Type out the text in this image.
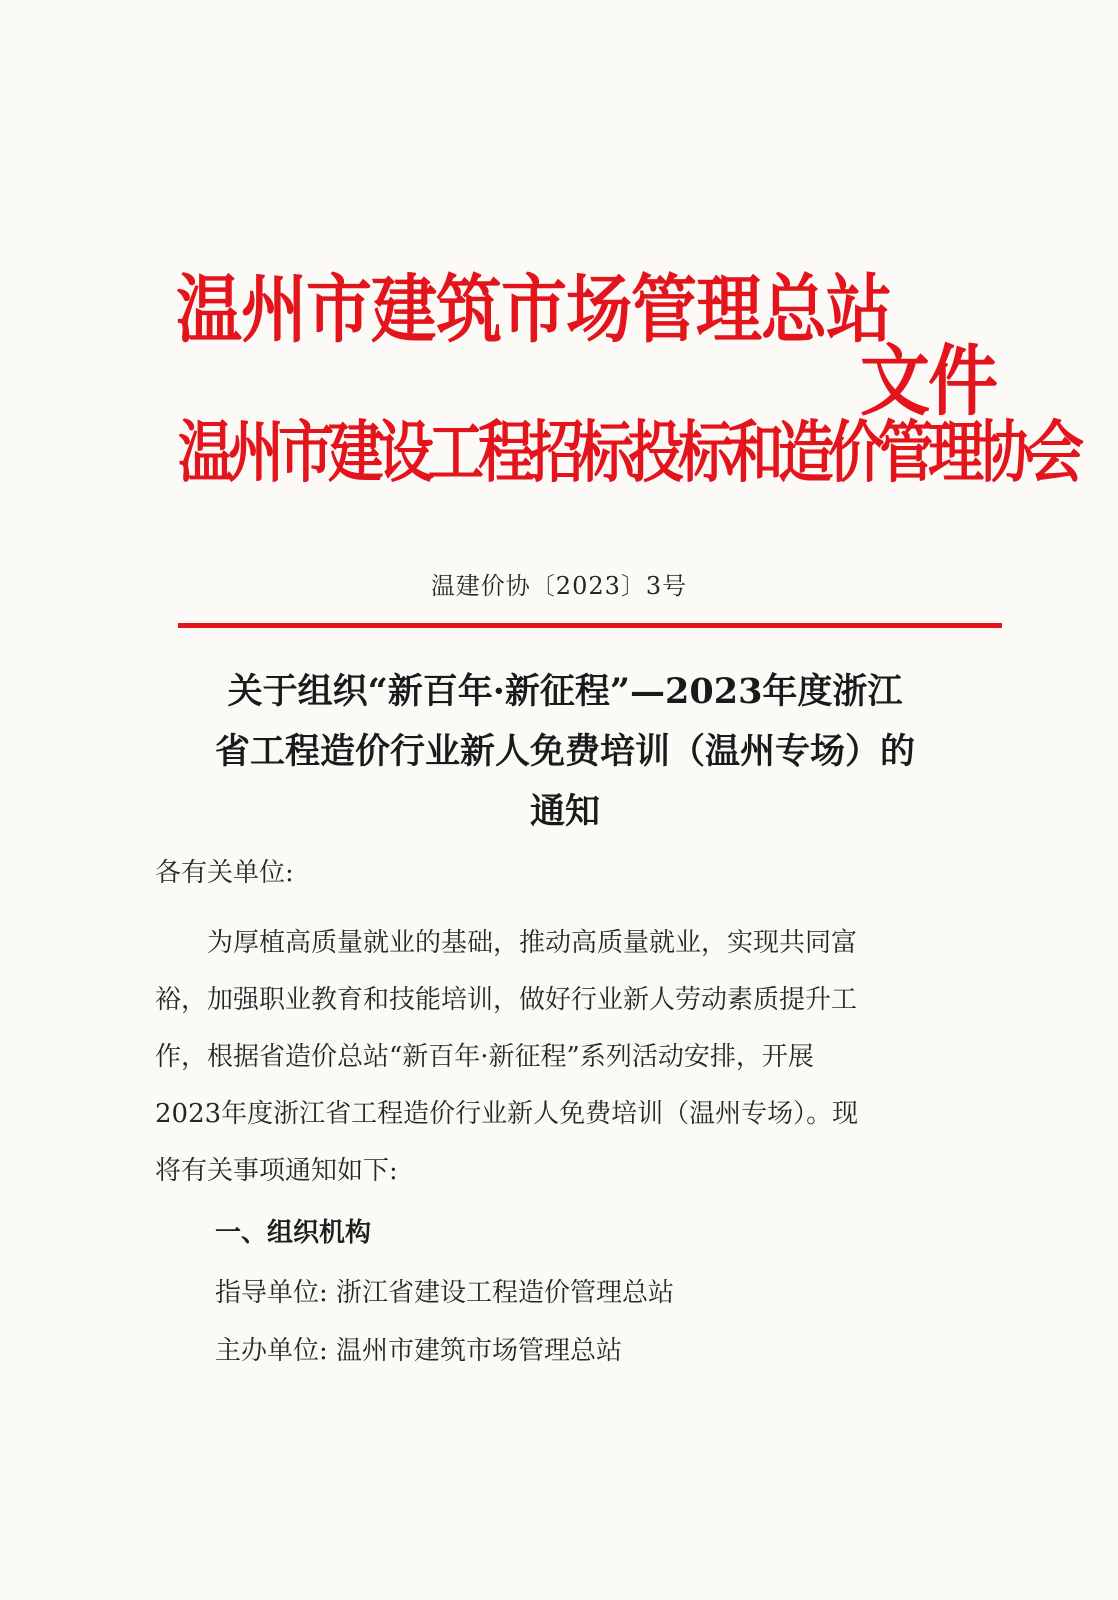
温州市建筑市场管理总站
温州市建设工程招标投标和造价管理协会
文件
温建价协〔2023〕3号
关于组织“新百年·新征程”—2023年度浙江
省工程造价行业新人免费培训（温州专场）的
通知
各有关单位:
　　为厚植高质量就业的基础，推动高质量就业，实现共同富
裕，加强职业教育和技能培训，做好行业新人劳动素质提升工
作，根据省造价总站“新百年·新征程”系列活动安排，开展
2023年度浙江省工程造价行业新人免费培训（温州专场）。现
将有关事项通知如下:
一、组织机构
指导单位: 浙江省建设工程造价管理总站
主办单位: 温州市建筑市场管理总站
